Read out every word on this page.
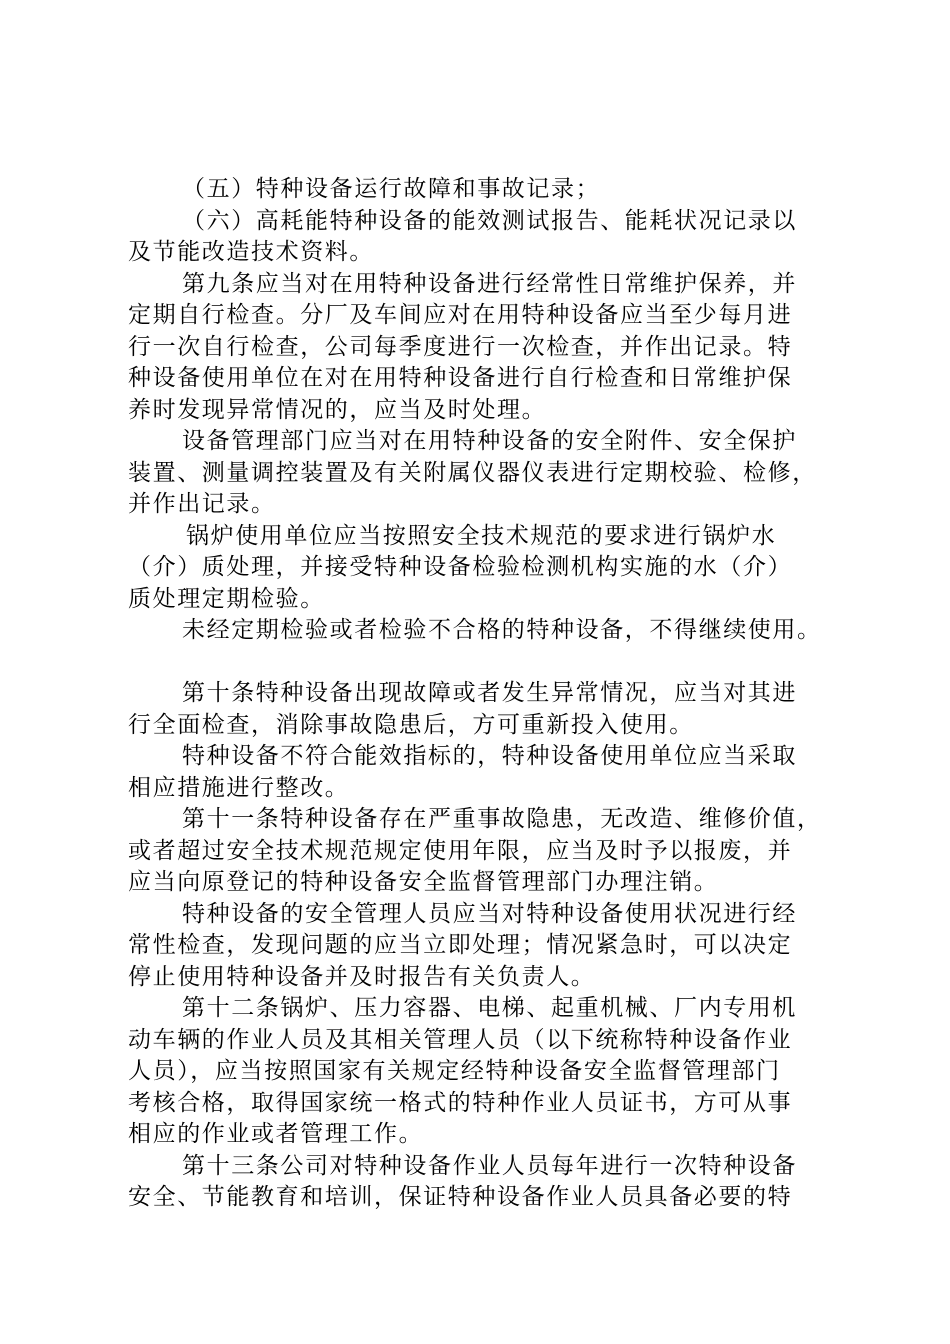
（五）特种设备运行故障和事故记录；
（六）高耗能特种设备的能效测试报告、能耗状况记录以
及节能改造技术资料。
第九条应当对在用特种设备进行经常性日常维护保养，并
定期自行检查。分厂及车间应对在用特种设备应当至少每月进
行一次自行检查，公司每季度进行一次检查，并作出记录。特
种设备使用单位在对在用特种设备进行自行检查和日常维护保
养时发现异常情况的，应当及时处理。
设备管理部门应当对在用特种设备的安全附件、安全保护
装置、测量调控装置及有关附属仪器仪表进行定期校验、检修，
并作出记录。
锅炉使用单位应当按照安全技术规范的要求进行锅炉水
（介）质处理，并接受特种设备检验检测机构实施的水（介）
质处理定期检验。
未经定期检验或者检验不合格的特种设备，不得继续使用。
第十条特种设备出现故障或者发生异常情况，应当对其进
行全面检查，消除事故隐患后，方可重新投入使用。
特种设备不符合能效指标的，特种设备使用单位应当采取
相应措施进行整改。
第十一条特种设备存在严重事故隐患，无改造、维修价值，
或者超过安全技术规范规定使用年限，应当及时予以报废，并
应当向原登记的特种设备安全监督管理部门办理注销。
特种设备的安全管理人员应当对特种设备使用状况进行经
常性检查，发现问题的应当立即处理；情况紧急时，可以决定
停止使用特种设备并及时报告有关负责人。
第十二条锅炉、压力容器、电梯、起重机械、厂内专用机
动车辆的作业人员及其相关管理人员（以下统称特种设备作业
人员），应当按照国家有关规定经特种设备安全监督管理部门
考核合格，取得国家统一格式的特种作业人员证书，方可从事
相应的作业或者管理工作。
第十三条公司对特种设备作业人员每年进行一次特种设备
安全、节能教育和培训，保证特种设备作业人员具备必要的特
